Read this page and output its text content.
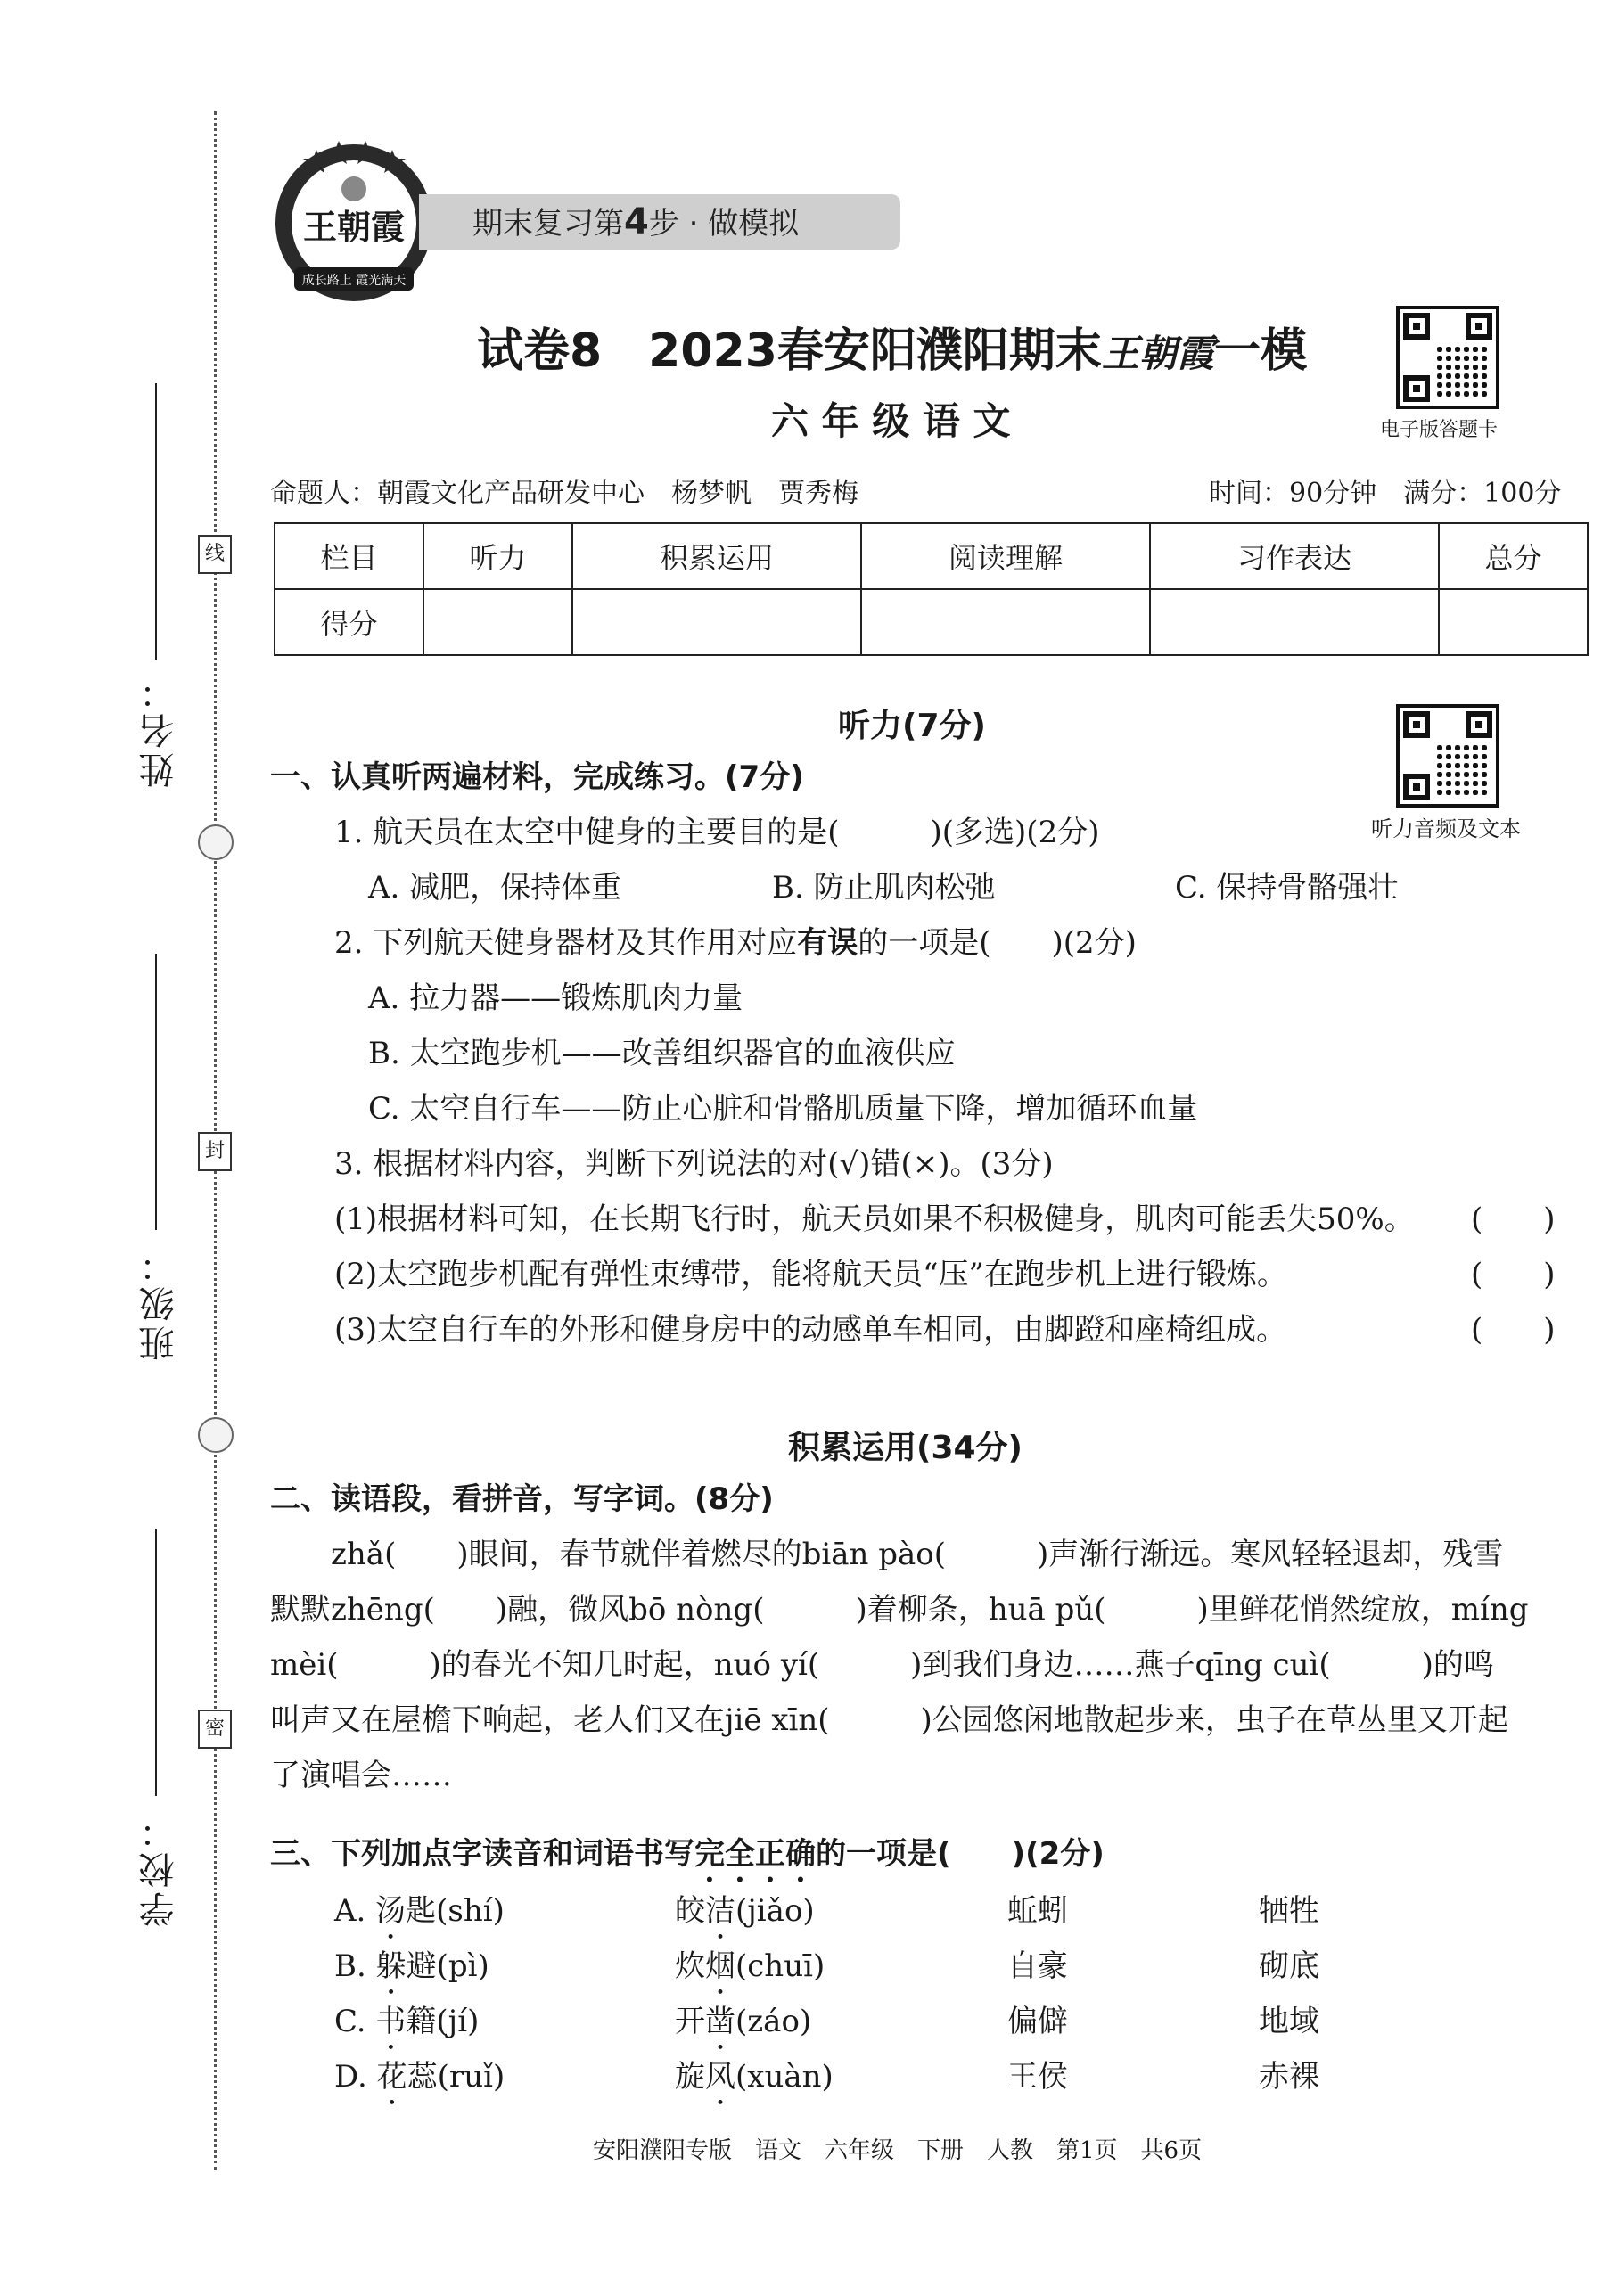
线
封
密
姓名：
班级：
学校：
王朝霞
成长路上 霞光满天
期末复习第4步 · 做模拟
试卷8　2023春安阳濮阳期末王朝霞一模
电子版答题卡
六 年 级 语 文
命题人：朝霞文化产品研发中心　杨梦帆　贾秀梅	时间：90分钟　满分：100分
栏目	听力	积累运用	阅读理解	习作表达	总分
得分					
听力(7分)
听力音频及文本
一、认真听两遍材料，完成练习。(7分)
1. 航天员在太空中健身的主要目的是(　　　)(多选)(2分)
A. 减肥，保持体重	B. 防止肌肉松弛	C. 保持骨骼强壮
2. 下列航天健身器材及其作用对应有误的一项是(　　)(2分)
A. 拉力器——锻炼肌肉力量
B. 太空跑步机——改善组织器官的血液供应
C. 太空自行车——防止心脏和骨骼肌质量下降，增加循环血量
3. 根据材料内容，判断下列说法的对(√)错(×)。(3分)
(1)根据材料可知，在长期飞行时，航天员如果不积极健身，肌肉可能丢失50%。 (　　)
(2)太空跑步机配有弹性束缚带，能将航天员“压”在跑步机上进行锻炼。	(　　)
(3)太空自行车的外形和健身房中的动感单车相同，由脚蹬和座椅组成。	(　　)
积累运用(34分)
二、读语段，看拼音，写字词。(8分)
　　zhǎ(　　)眼间，春节就伴着燃尽的biān pào(　　　)声渐行渐远。寒风轻轻退却，残雪
默默zhēng(　　)融，微风bō nòng(　　　)着柳条，huā pǔ(　　　)里鲜花悄然绽放，míng
mèi(　　　)的春光不知几时起，nuó yí(　　　)到我们身边……燕子qīng cuì(　　　)的鸣
叫声又在屋檐下响起，老人们又在jiē xīn(　　　)公园悠闲地散起步来，虫子在草丛里又开起
了演唱会……
三、下列加点字读音和词语书写完全正确的一项是(　　)(2分)
A. 汤匙(shí)	皎洁(jiǎo)	蚯蚓	牺牲
B. 躲避(pì)	炊烟(chuī)	自豪	砌底
C. 书籍(jí)	开凿(záo)	偏僻	地域
D. 花蕊(ruǐ)	旋风(xuàn)	王侯	赤裸
安阳濮阳专版　语文　六年级　下册　人教　第1页　共6页
